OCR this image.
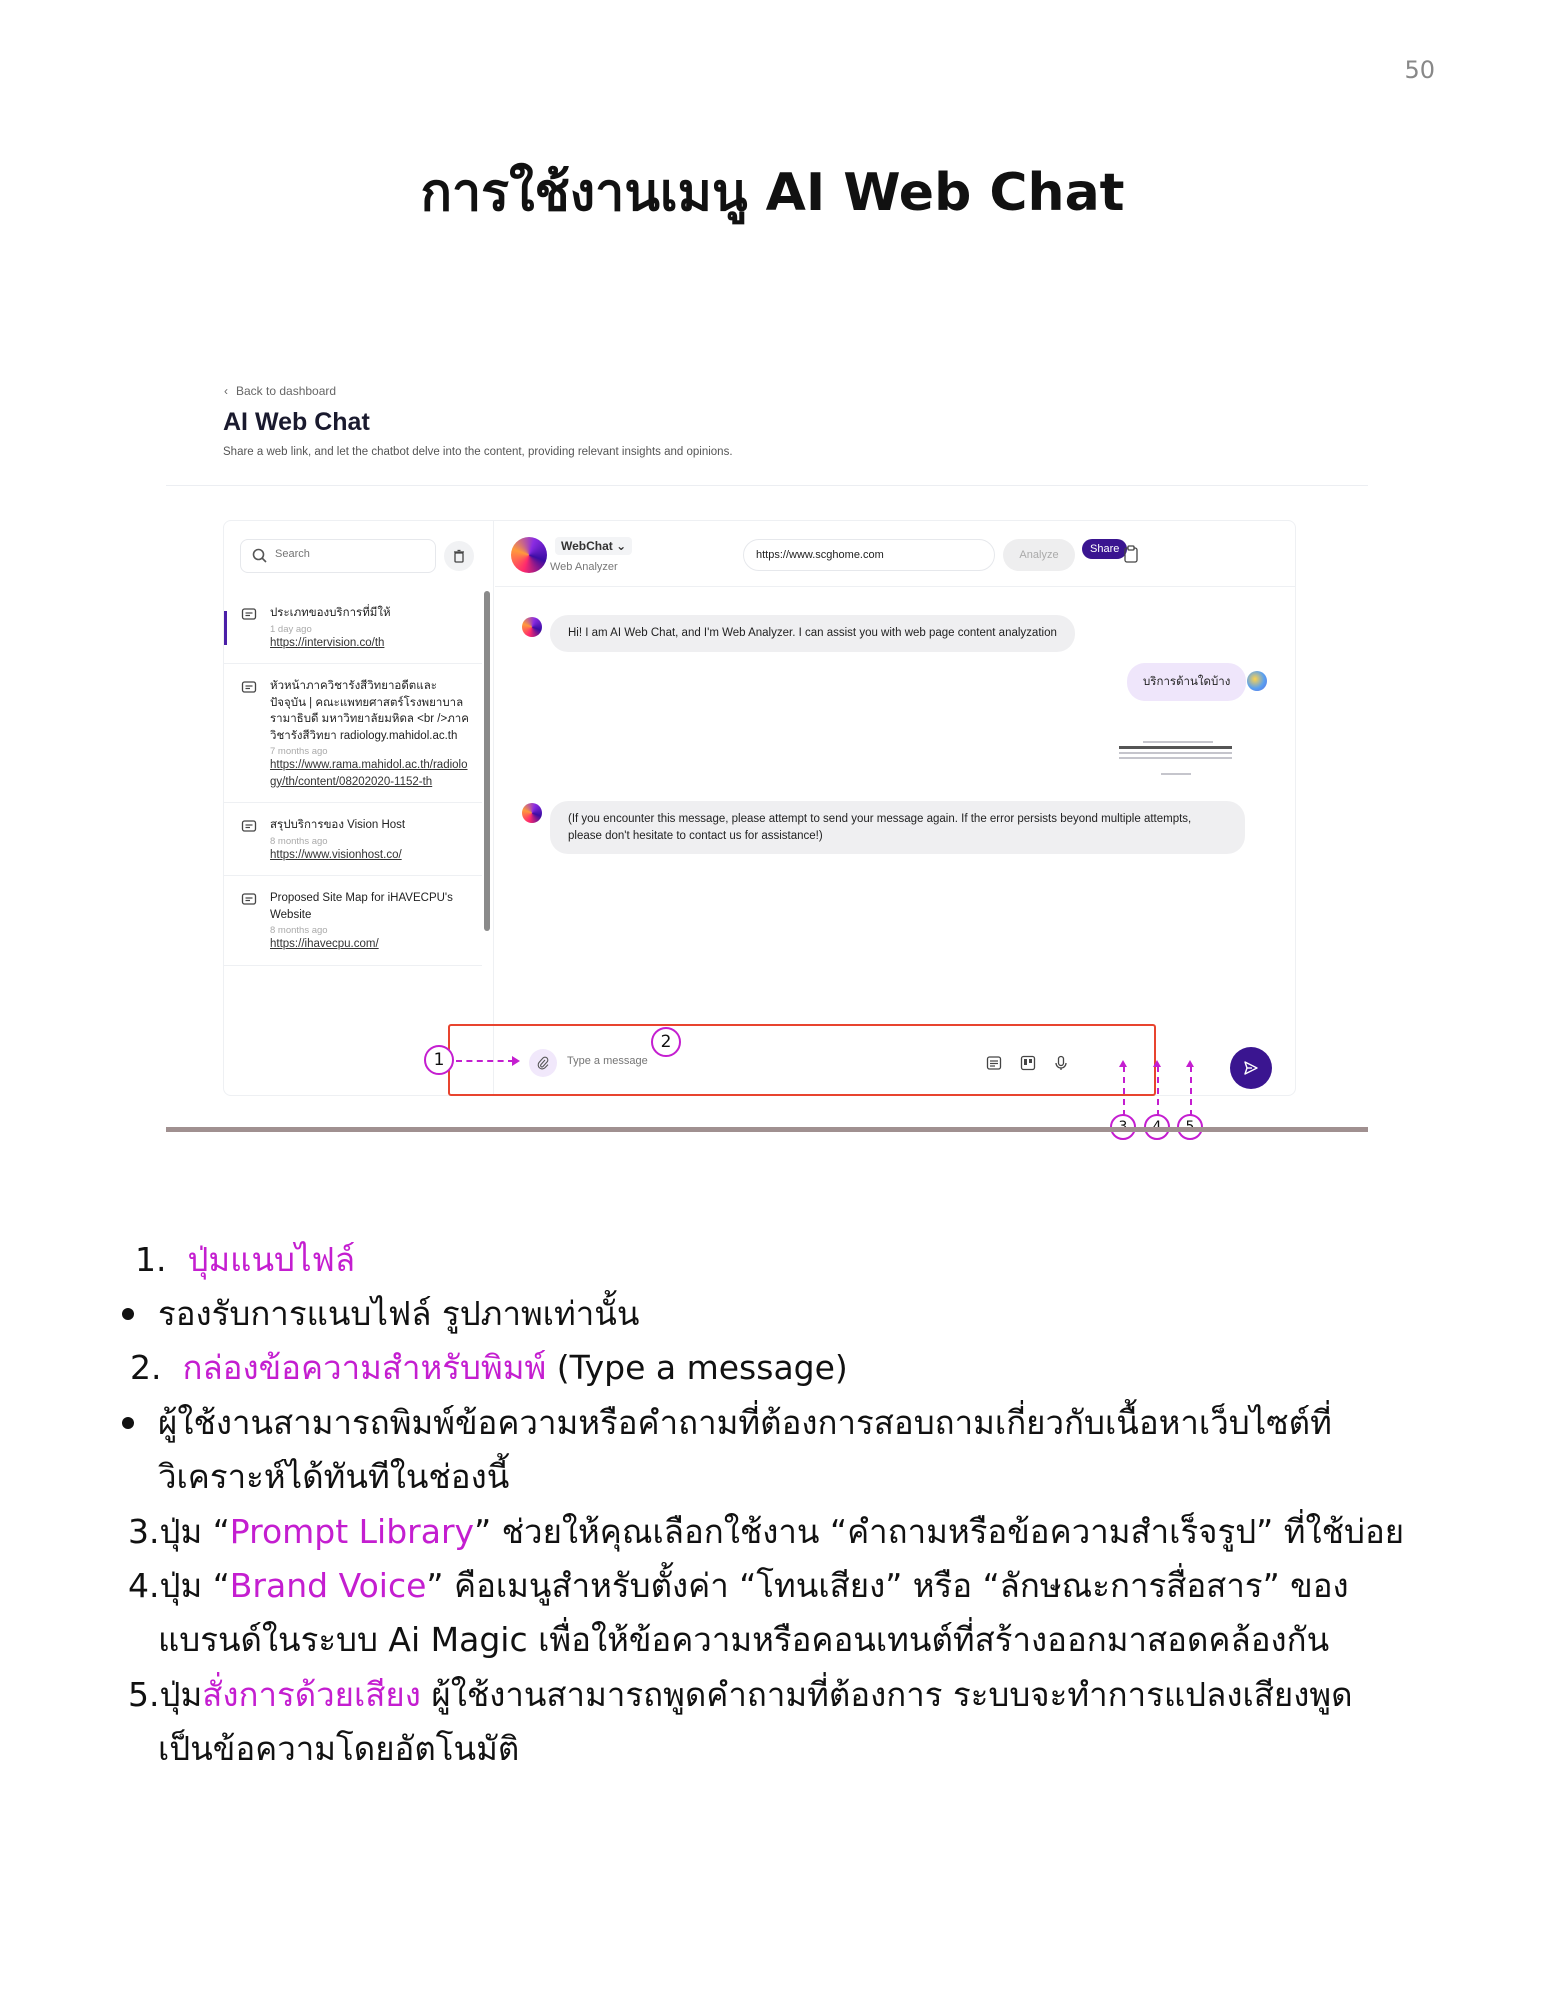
50
การใช้งานเมนู AI Web Chat
‹ Back to dashboard
AI Web Chat
Share a web link, and let the chatbot delve into the content, providing relevant insights and opinions.
Search
ประเภทของบริการที่มีให้
1 day ago
https://intervision.co/th
หัวหน้าภาควิชารังสีวิทยาอดีตและปัจจุบัน | คณะแพทยศาสตร์โรงพยาบาลรามาธิบดี มหาวิทยาลัยมหิดล <br />ภาควิชารังสีวิทยา radiology.mahidol.ac.th
7 months ago
https://www.rama.mahidol.ac.th/radiology/th/content/08202020-1152-th
สรุปบริการของ Vision Host
8 months ago
https://www.visionhost.co/
Proposed Site Map for iHAVECPU's Website
8 months ago
https://ihavecpu.com/
WebChat ⌄
Web Analyzer
https://www.scghome.com
Analyze	Share
Hi! I am AI Web Chat, and I'm Web Analyzer. I can assist you with web page content analyzation
บริการด้านใดบ้าง
(If you encounter this message, please attempt to send your message again. If the error persists beyond multiple attempts, please don't hesitate to contact us for assistance!)
Type a message
1
2
1. ปุ่มแนบไฟล์
รองรับการแนบไฟล์ รูปภาพเท่านั้น
2. กล่องข้อความสำหรับพิมพ์ (Type a message)
ผู้ใช้งานสามารถพิมพ์ข้อความหรือคำถามที่ต้องการสอบถามเกี่ยวกับเนื้อหาเว็บไซต์ที่
วิเคราะห์ได้ทันทีในช่องนี้
3.ปุ่ม “Prompt Library” ช่วยให้คุณเลือกใช้งาน “คำถามหรือข้อความสำเร็จรูป” ที่ใช้บ่อย
4.ปุ่ม “Brand Voice” คือเมนูสำหรับตั้งค่า “โทนเสียง” หรือ “ลักษณะการสื่อสาร” ของ
แบรนด์ในระบบ Ai Magic เพื่อให้ข้อความหรือคอนเทนต์ที่สร้างออกมาสอดคล้องกัน
5.ปุ่มสั่งการด้วยเสียง ผู้ใช้งานสามารถพูดคำถามที่ต้องการ ระบบจะทำการแปลงเสียงพูด
เป็นข้อความโดยอัตโนมัติ
